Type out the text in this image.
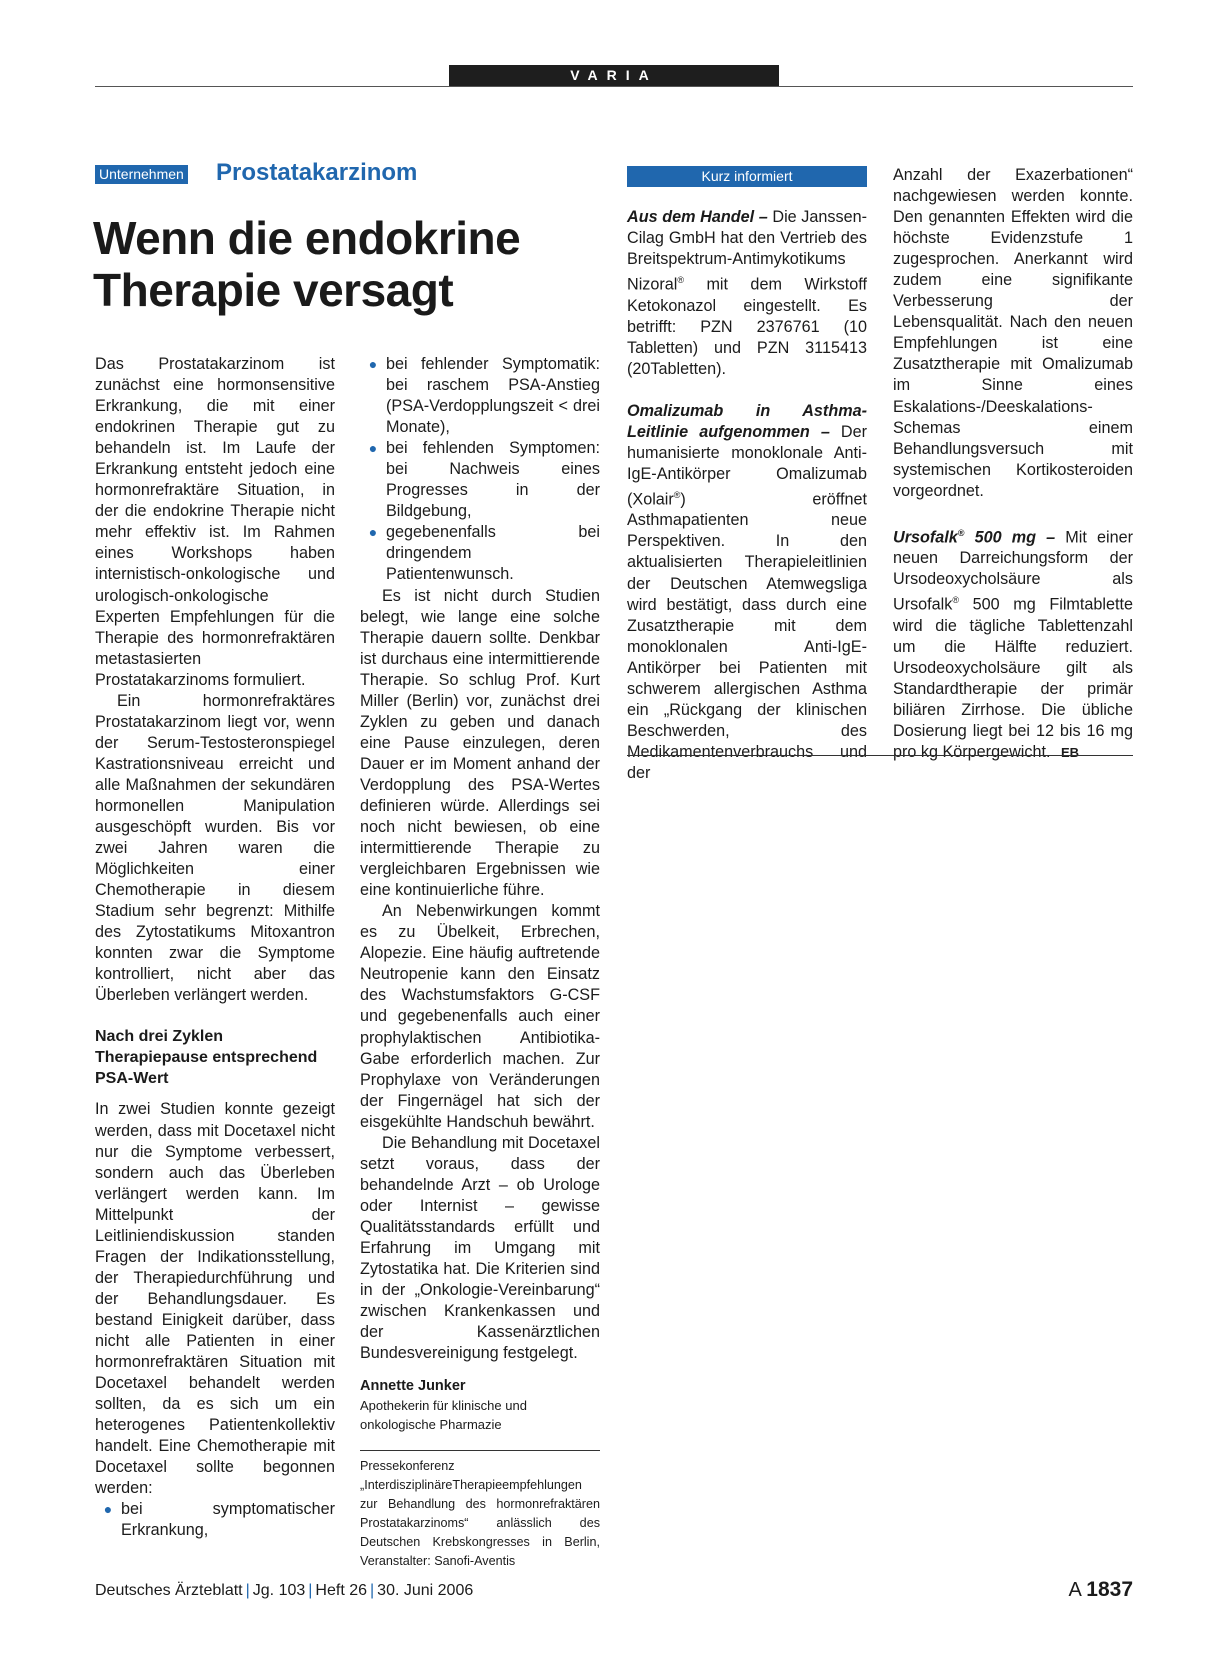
VARIA
Unternehmen Prostatakarzinom
Wenn die endokrine
Therapie versagt

Das Prostatakarzinom ist zunächst eine hormonsensitive Erkrankung, die mit einer endokrinen Therapie gut zu behandeln ist. Im Laufe der Erkrankung entsteht jedoch eine hormonrefraktäre Situation, in der die endokrine Therapie nicht mehr effektiv ist. Im Rahmen eines Workshops haben internistisch-onkologische und urologisch-onkologische Experten Empfehlungen für die Therapie des hormonrefraktären metastasierten Prostatakarzinoms formuliert.

Ein hormonrefraktäres Prostatakarzinom liegt vor, wenn der Serum-Testosteronspiegel Kastrationsniveau erreicht und alle Maßnahmen der sekundären hormonellen Manipulation ausgeschöpft wurden. Bis vor zwei Jahren waren die Möglichkeiten einer Chemotherapie in diesem Stadium sehr begrenzt: Mithilfe des Zytostatikums Mitoxantron konnten zwar die Symptome kontrolliert, nicht aber das Überleben verlängert werden.

Nach drei Zyklen Therapiepause entsprechend PSA-Wert

In zwei Studien konnte gezeigt werden, dass mit Docetaxel nicht nur die Symptome verbessert, sondern auch das Überleben verlängert werden kann. Im Mittelpunkt der Leitliniendiskussion standen Fragen der Indikationsstellung, der Therapiedurchführung und der Behandlungsdauer. Es bestand Einigkeit darüber, dass nicht alle Patienten in einer hormonrefraktären Situation mit Docetaxel behandelt werden sollten, da es sich um ein heterogenes Patientenkollektiv handelt. Eine Chemotherapie mit Docetaxel sollte begonnen werden:

● bei symptomatischer Erkrankung,
● bei fehlender Symptomatik: bei raschem PSA-Anstieg (PSA-Verdopplungszeit < drei Monate),
● bei fehlenden Symptomen: bei Nachweis eines Progresses in der Bildgebung,
● gegebenenfalls bei dringendem Patientenwunsch.

Es ist nicht durch Studien belegt, wie lange eine solche Therapie dauern sollte. Denkbar ist durchaus eine intermittierende Therapie. So schlug Prof. Kurt Miller (Berlin) vor, zunächst drei Zyklen zu geben und danach eine Pause einzulegen, deren Dauer er im Moment anhand der Verdopplung des PSA-Wertes definieren würde. Allerdings sei noch nicht bewiesen, ob eine intermittierende Therapie zu vergleichbaren Ergebnissen wie eine kontinuierliche führe.

An Nebenwirkungen kommt es zu Übelkeit, Erbrechen, Alopezie. Eine häufig auftretende Neutropenie kann den Einsatz des Wachstumsfaktors G-CSF und gegebenenfalls auch einer prophylaktischen Antibiotika-Gabe erforderlich machen. Zur Prophylaxe von Veränderungen der Fingernägel hat sich der eisgekühlte Handschuh bewährt.

Die Behandlung mit Docetaxel setzt voraus, dass der behandelnde Arzt – ob Urologe oder Internist – gewisse Qualitätsstandards erfüllt und Erfahrung im Umgang mit Zytostatika hat. Die Kriterien sind in der „Onkologie-Vereinbarung“ zwischen Krankenkassen und der Kassenärztlichen Bundesvereinigung festgelegt.

Annette Junker
Apothekerin für klinische und onkologische Pharmazie
Pressekonferenz „InterdisziplinäreTherapieempfehlungen zur Behandlung des hormonrefraktären Prostatakarzinoms“ anlässlich des Deutschen Krebskongresses in Berlin, Veranstalter: Sanofi-Aventis
Kurz informiert

Aus dem Handel – Die Janssen-Cilag GmbH hat den Vertrieb des Breitspektrum-Antimykotikums Nizoral® mit dem Wirkstoff Ketokonazol eingestellt. Es betrifft: PZN 2376761 (10 Tabletten) und PZN 3115413 (20Tabletten).

Omalizumab in Asthma-Leitlinie aufgenommen – Der humanisierte monoklonale Anti-IgE-Antikörper Omalizumab (Xolair®) eröffnet Asthmapatienten neue Perspektiven. In den aktualisierten Therapieleitlinien der Deutschen Atemwegsliga wird bestätigt, dass durch eine Zusatztherapie mit dem monoklonalen Anti-IgE-Antikörper bei Patienten mit schwerem allergischen Asthma ein „Rückgang der klinischen Beschwerden, des Medikamentenverbrauchs und der

Anzahl der Exazerbationen“ nachgewiesen werden konnte. Den genannten Effekten wird die höchste Evidenzstufe 1 zugesprochen. Anerkannt wird zudem eine signifikante Verbesserung der Lebensqualität. Nach den neuen Empfehlungen ist eine Zusatztherapie mit Omalizumab im Sinne eines Eskalations-/Deeskalations-Schemas einem Behandlungsversuch mit systemischen Kortikosteroiden vorgeordnet.

Ursofalk® 500 mg – Mit einer neuen Darreichungsform der Ursodeoxycholsäure als Ursofalk® 500 mg Filmtablette wird die tägliche Tablettenzahl um die Hälfte reduziert. Ursodeoxycholsäure gilt als Standardtherapie der primär biliären Zirrhose. Die übliche Dosierung liegt bei 12 bis 16 mg pro kg Körpergewicht. EB

Deutsches Ärzteblatt | Jg. 103 | Heft 26 | 30. Juni 2006	A 1837
